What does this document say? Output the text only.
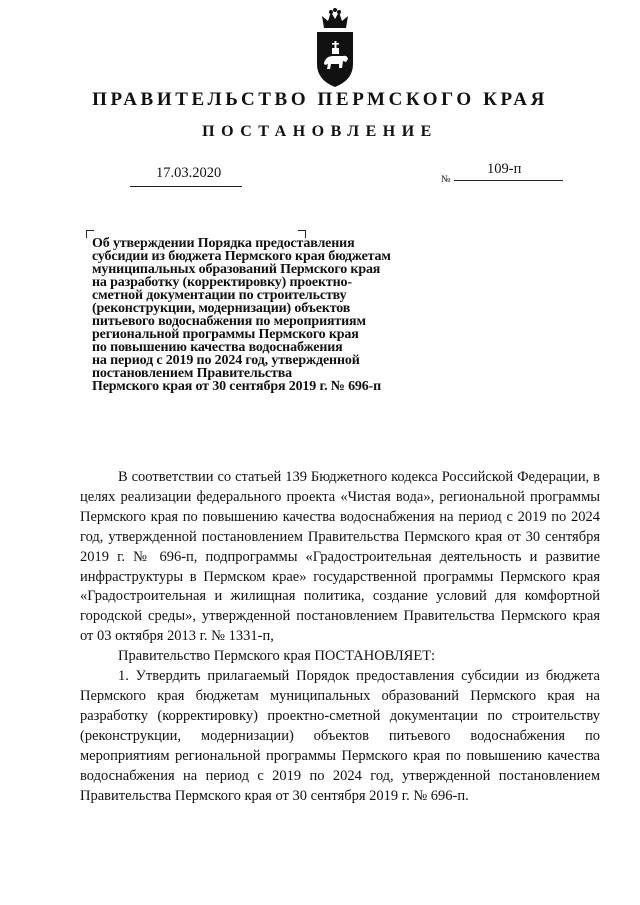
ПРАВИТЕЛЬСТВО ПЕРМСКОГО КРАЯ
ПОСТАНОВЛЕНИЕ
17.03.2020	№
109-п
Об утверждении Порядка предоставления
субсидии из бюджета Пермского края бюджетам
муниципальных образований Пермского края
на разработку (корректировку) проектно-
сметной документации по строительству
(реконструкции, модернизации) объектов
питьевого водоснабжения по мероприятиям
региональной программы Пермского края
по повышению качества водоснабжения
на период с 2019 по 2024 год, утвержденной
постановлением Правительства
Пермского края от 30 сентября 2019 г. № 696-п

В соответствии со статьей 139 Бюджетного кодекса Российской Федерации, в целях реализации федерального проекта «Чистая вода», региональной программы Пермского края по повышению качества водоснабжения на период с 2019 по 2024 год, утвержденной постановлением Правительства Пермского края от 30 сентября 2019 г. № 696-п, подпрограммы «Градостроительная деятельность и развитие инфраструктуры в Пермском крае» государственной программы Пермского края «Градостроительная и жилищная политика, создание условий для комфортной городской среды», утвержденной постановлением Правительства Пермского края от 03 октября 2013 г. № 1331-п,

Правительство Пермского края ПОСТАНОВЛЯЕТ:

1. Утвердить прилагаемый Порядок предоставления субсидии из бюджета Пермского края бюджетам муниципальных образований Пермского края на разработку (корректировку) проектно-сметной документации по строительству (реконструкции, модернизации) объектов питьевого водоснабжения по мероприятиям региональной программы Пермского края по повышению качества водоснабжения на период с 2019 по 2024 год, утвержденной постановлением Правительства Пермского края от 30 сентября 2019 г. № 696-п.
